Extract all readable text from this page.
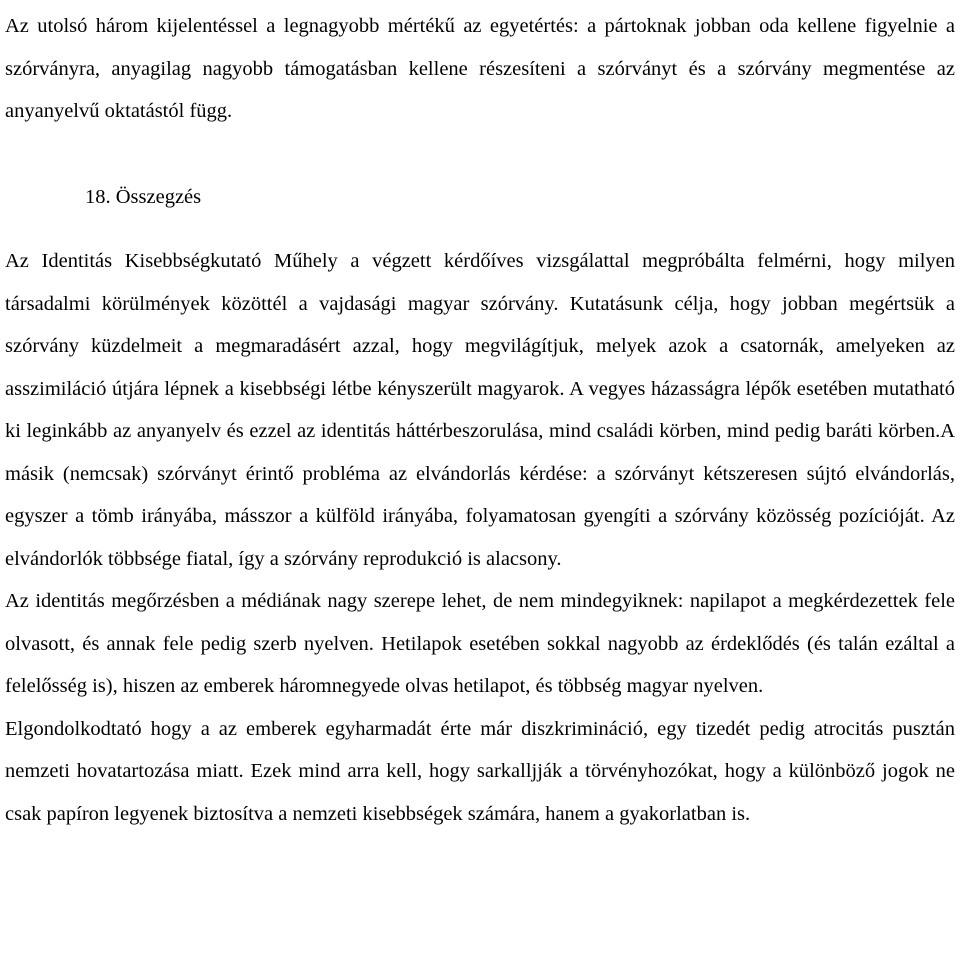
Az utolsó három kijelentéssel a legnagyobb mértékű az egyetértés: a pártoknak jobban oda kellene figyelnie a szórványra, anyagilag nagyobb támogatásban kellene részesíteni a szórványt és a szórvány megmentése az anyanyelvű oktatástól függ.

18. Összegzés

Az Identitás Kisebbségkutató Műhely a végzett kérdőíves vizsgálattal megpróbálta felmérni, hogy milyen társadalmi körülmények közöttél a vajdasági magyar szórvány. Kutatásunk célja, hogy jobban megértsük a szórvány küzdelmeit a megmaradásért azzal, hogy megvilágítjuk, melyek azok a csatornák, amelyeken az asszimiláció útjára lépnek a kisebbségi létbe kényszerült magyarok. A vegyes házasságra lépők esetében mutatható ki leginkább az anyanyelv és ezzel az identitás háttérbeszorulása, mind családi körben, mind pedig baráti körben.A másik (nemcsak) szórványt érintő probléma az elvándorlás kérdése: a szórványt kétszeresen sújtó elvándorlás, egyszer a tömb irányába, másszor a külföld irányába, folyamatosan gyengíti a szórvány közösség pozícióját. Az elvándorlók többsége fiatal, így a szórvány reprodukció is alacsony.

Az identitás megőrzésben a médiának nagy szerepe lehet, de nem mindegyiknek: napilapot a megkérdezettek fele olvasott, és annak fele pedig szerb nyelven. Hetilapok esetében sokkal nagyobb az érdeklődés (és talán ezáltal a felelősség is), hiszen az emberek háromnegyede olvas hetilapot, és többség magyar nyelven.

Elgondolkodtató hogy a az emberek egyharmadát érte már diszkrimináció, egy tizedét pedig atrocitás pusztán nemzeti hovatartozása miatt. Ezek mind arra kell, hogy sarkalljják a törvényhozókat, hogy a különböző jogok ne csak papíron legyenek biztosítva a nemzeti kisebbségek számára, hanem a gyakorlatban is.
